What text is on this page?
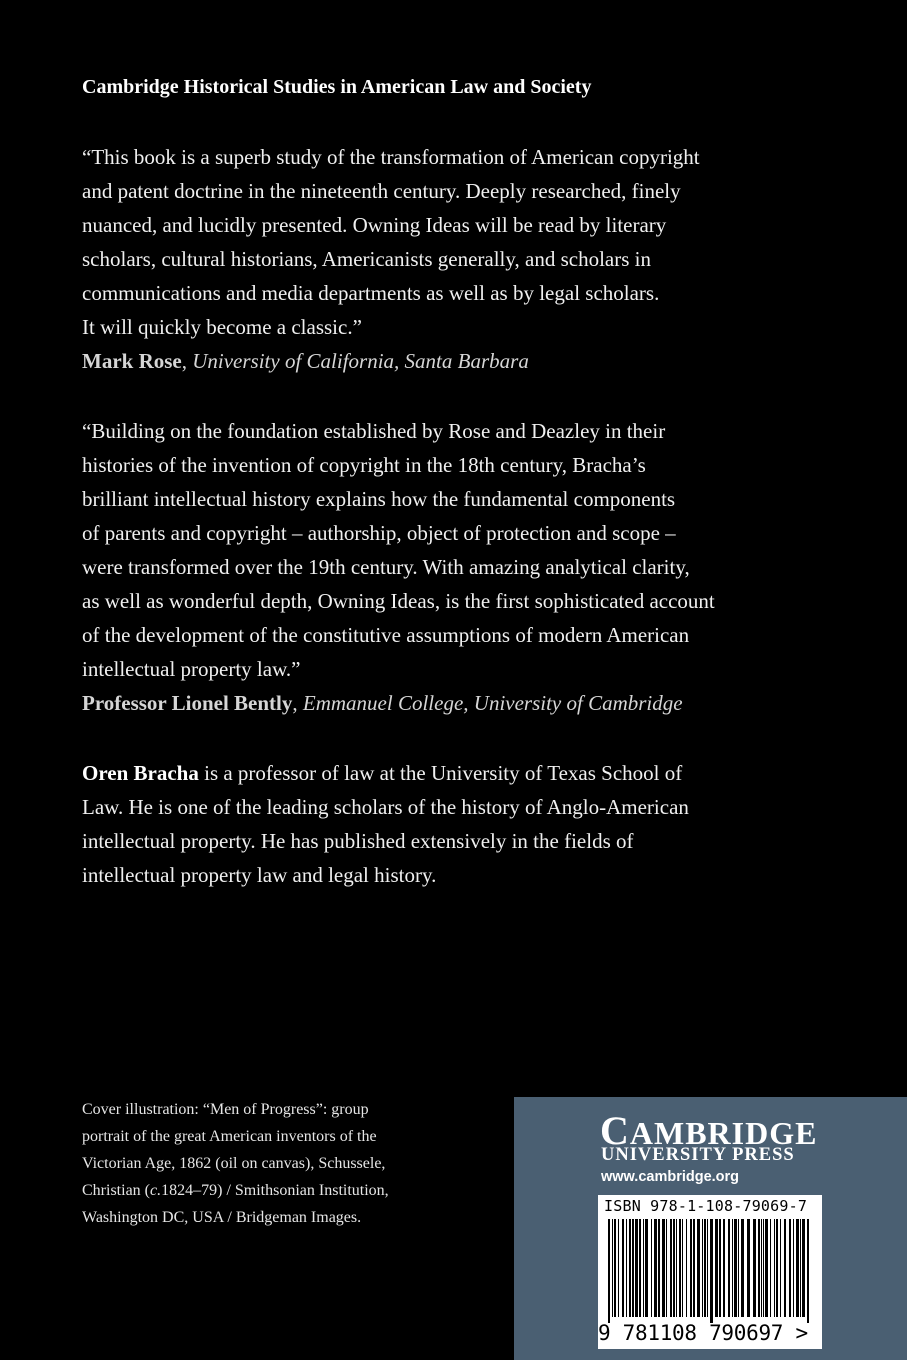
Cambridge Historical Studies in American Law and Society
“This book is a superb study of the transformation of American copyright
and patent doctrine in the nineteenth century. Deeply researched, finely
nuanced, and lucidly presented. Owning Ideas will be read by literary
scholars, cultural historians, Americanists generally, and scholars in
communications and media departments as well as by legal scholars.
It will quickly become a classic.”
Mark Rose, University of California, Santa Barbara
“Building on the foundation established by Rose and Deazley in their
histories of the invention of copyright in the 18th century, Bracha’s
brilliant intellectual history explains how the fundamental components
of parents and copyright – authorship, object of protection and scope –
were transformed over the 19th century. With amazing analytical clarity,
as well as wonderful depth, Owning Ideas, is the first sophisticated account
of the development of the constitutive assumptions of modern American
intellectual property law.”
Professor Lionel Bently, Emmanuel College, University of Cambridge
Oren Bracha is a professor of law at the University of Texas School of
Law. He is one of the leading scholars of the history of Anglo-American
intellectual property. He has published extensively in the fields of
intellectual property law and legal history.
Cover illustration: “Men of Progress”: group
portrait of the great American inventors of the
Victorian Age, 1862 (oil on canvas), Schussele,
Christian (c.1824–79) / Smithsonian Institution,
Washington DC, USA / Bridgeman Images.
CAMBRIDGE
UNIVERSITY PRESS
www.cambridge.org
ISBN 978-1-108-79069-7
9 781108 790697 >
